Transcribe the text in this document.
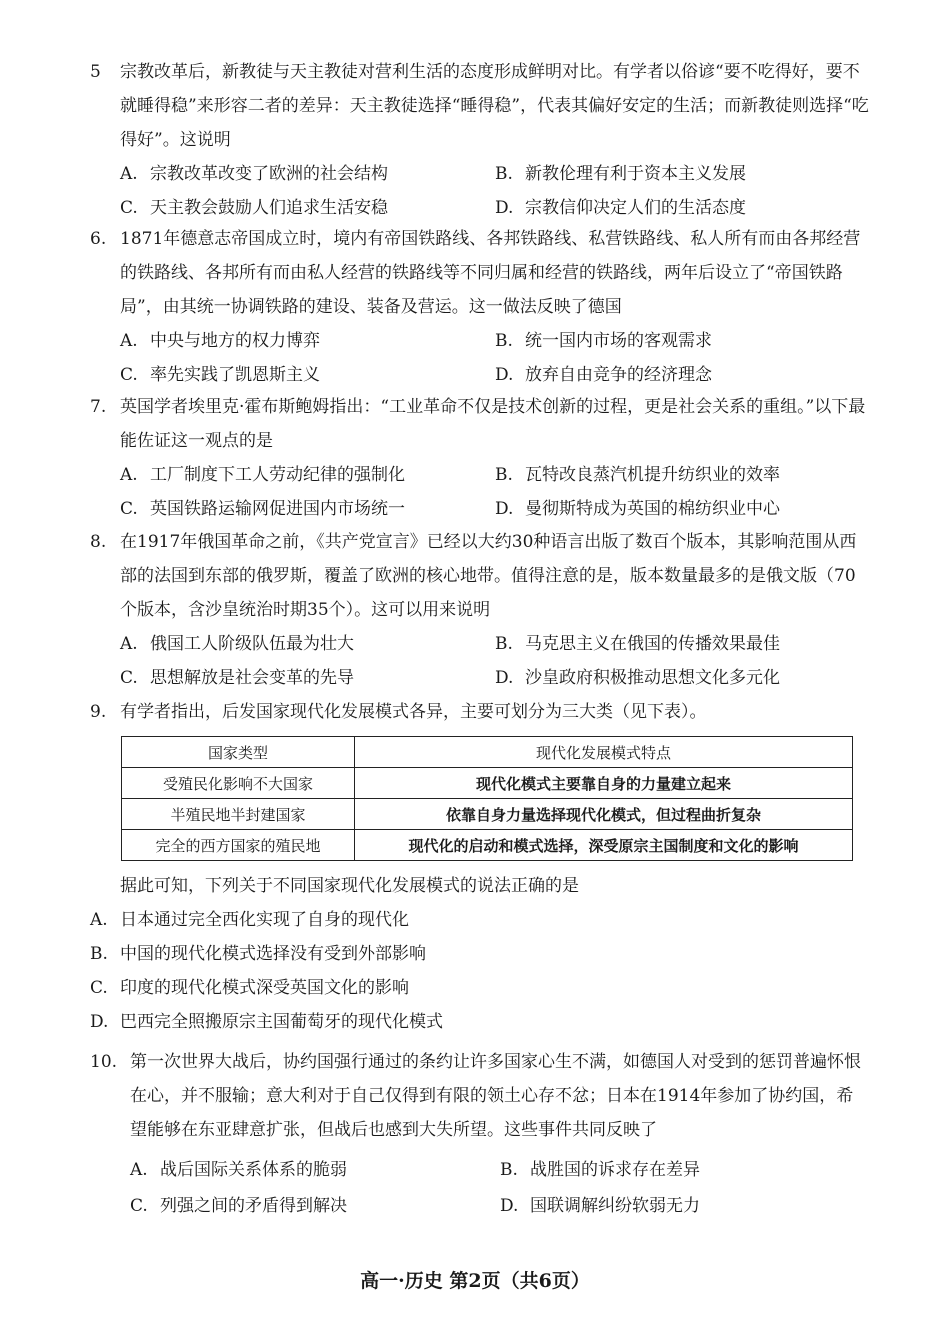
5	宗教改革后，新教徒与天主教徒对营利生活的态度形成鲜明对比。有学者以俗谚“要不吃得好，要不就睡得稳”来形容二者的差异：天主教徒选择“睡得稳”，代表其偏好安定的生活；而新教徒则选择“吃得好”。这说明
A. 宗教改革改变了欧洲的社会结构	B. 新教伦理有利于资本主义发展
C. 天主教会鼓励人们追求生活安稳	D. 宗教信仰决定人们的生活态度
6. 1871年德意志帝国成立时，境内有帝国铁路线、各邦铁路线、私营铁路线、私人所有而由各邦经营的铁路线、各邦所有而由私人经营的铁路线等不同归属和经营的铁路线，两年后设立了“帝国铁路局”，由其统一协调铁路的建设、装备及营运。这一做法反映了德国
A. 中央与地方的权力博弈	B. 统一国内市场的客观需求
C. 率先实践了凯恩斯主义	D. 放弃自由竞争的经济理念
7. 英国学者埃里克·霍布斯鲍姆指出：“工业革命不仅是技术创新的过程，更是社会关系的重组。”以下最能佐证这一观点的是
A. 工厂制度下工人劳动纪律的强制化	B. 瓦特改良蒸汽机提升纺织业的效率
C. 英国铁路运输网促进国内市场统一	D. 曼彻斯特成为英国的棉纺织业中心
8. 在1917年俄国革命之前，《共产党宣言》已经以大约30种语言出版了数百个版本，其影响范围从西部的法国到东部的俄罗斯，覆盖了欧洲的核心地带。值得注意的是，版本数量最多的是俄文版（70个版本，含沙皇统治时期35个）。这可以用来说明
A. 俄国工人阶级队伍最为壮大	B. 马克思主义在俄国的传播效果最佳
C. 思想解放是社会变革的先导	D. 沙皇政府积极推动思想文化多元化
9. 有学者指出，后发国家现代化发展模式各异，主要可划分为三大类（见下表）。
国家类型	现代化发展模式特点
受殖民化影响不大国家	现代化模式主要靠自身的力量建立起来
半殖民地半封建国家	依靠自身力量选择现代化模式，但过程曲折复杂
完全的西方国家的殖民地	现代化的启动和模式选择，深受原宗主国制度和文化的影响
据此可知，下列关于不同国家现代化发展模式的说法正确的是
A. 日本通过完全西化实现了自身的现代化
B. 中国的现代化模式选择没有受到外部影响
C. 印度的现代化模式深受英国文化的影响
D. 巴西完全照搬原宗主国葡萄牙的现代化模式
10. 第一次世界大战后，协约国强行通过的条约让许多国家心生不满，如德国人对受到的惩罚普遍怀恨在心，并不服输；意大利对于自己仅得到有限的领土心存不忿；日本在1914年参加了协约国，希望能够在东亚肆意扩张，但战后也感到大失所望。这些事件共同反映了
A. 战后国际关系体系的脆弱	B. 战胜国的诉求存在差异
C. 列强之间的矛盾得到解决	D. 国联调解纠纷软弱无力
高一·历史 第2页（共6页）
